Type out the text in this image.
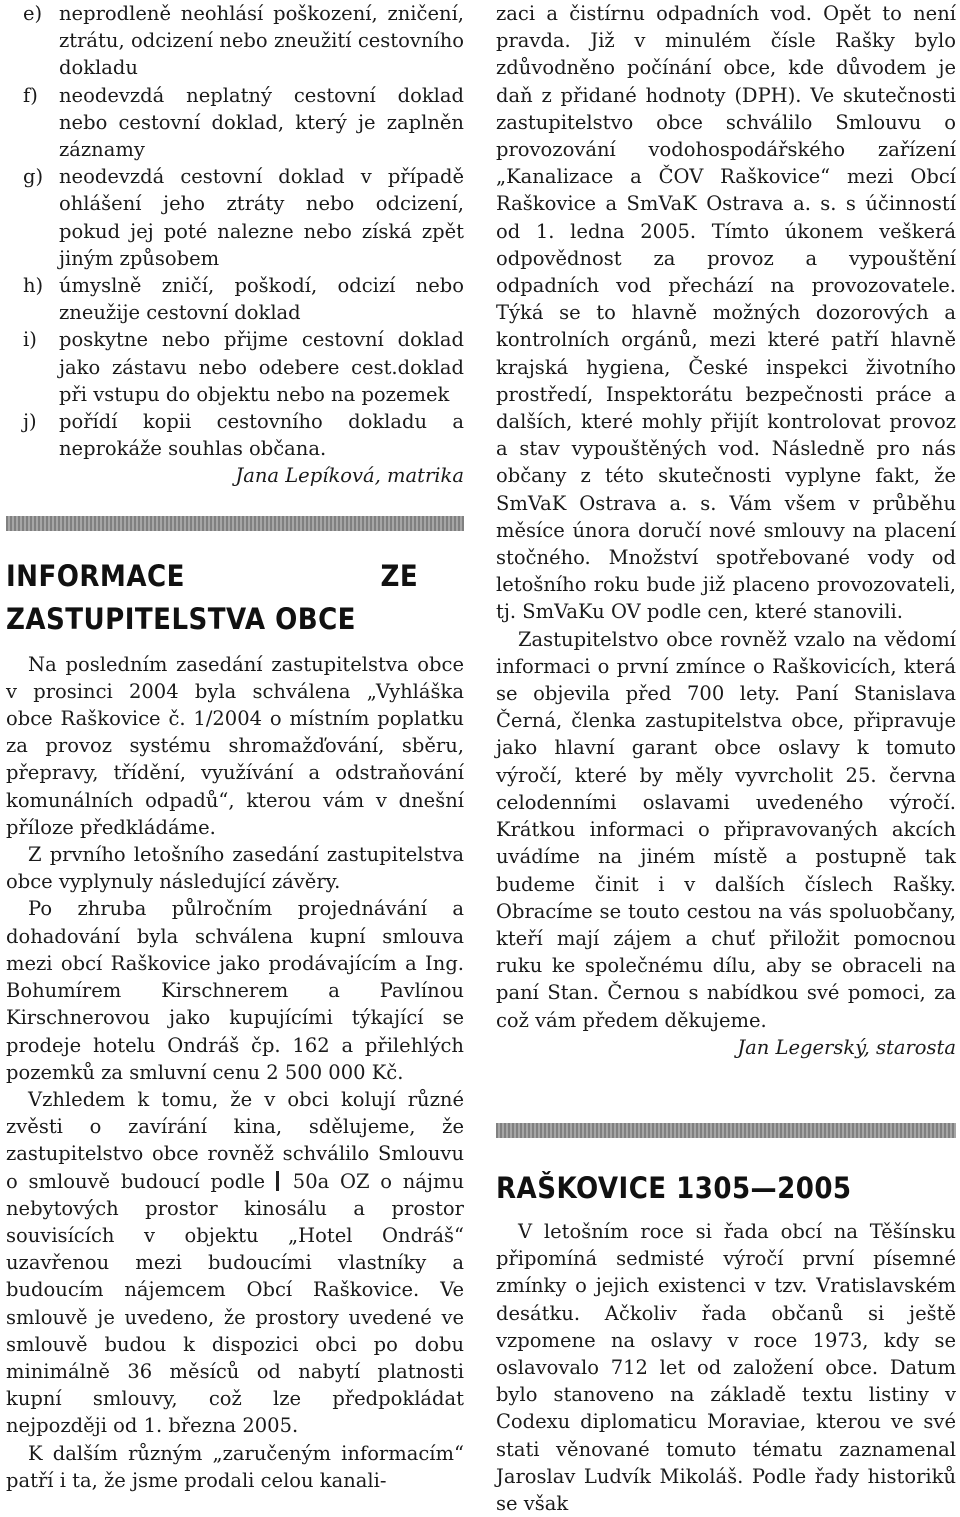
e) neprodleně neohlásí poškození, zničení, ztrátu, odcizení nebo zneužití cestovního dokladu
f) neodevzdá neplatný cestovní doklad nebo cestovní doklad, který je zaplněn záznamy
g) neodevzdá cestovní doklad v případě ohlášení jeho ztráty nebo odcizení, pokud jej poté nalezne nebo získá zpět jiným způsobem
h) úmyslně zničí, poškodí, odcizí nebo zneužije cestovní doklad
i) poskytne nebo přijme cestovní doklad jako zástavu nebo odebere cest.doklad při vstupu do objektu nebo na pozemek
j) pořídí kopii cestovního dokladu a neprokáže souhlas občana.

Jana Lepíková, matrika

INFORMACE ZE ZASTUPITELSTVA OBCE

Na posledním zasedání zastupitelstva obce v prosinci 2004 byla schválena „Vyhláška obce Raškovice č. 1/2004 o místním poplatku za provoz systému shromažďování, sběru, přepravy, třídění, využívání a odstraňování komunálních odpadů“, kterou vám v dnešní příloze předkládáme.

Z prvního letošního zasedání zastupitelstva obce vyplynuly následující závěry.

Po zhruba půlročním projednávání a dohadování byla schválena kupní smlouva mezi obcí Raškovice jako prodávajícím a Ing. Bohumírem Kirschnerem a Pavlínou Kirschnerovou jako kupujícími týkající se prodeje hotelu Ondráš čp. 162 a přilehlých pozemků za smluvní cenu 2 500 000 Kč.

Vzhledem k tomu, že v obci kolují různé zvěsti o zavírání kina, sdělujeme, že zastupitelstvo obce rovněž schválilo Smlouvu o smlouvě budoucí podle 50a OZ o nájmu nebytových prostor kinosálu a prostor souvisících v objektu „Hotel Ondráš“ uzavřenou mezi budoucími vlastníky a budoucím nájemcem Obcí Raškovice. Ve smlouvě je uvedeno, že prostory uvedené ve smlouvě budou k dispozici obci po dobu minimálně 36 měsíců od nabytí platnosti kupní smlouvy, což lze předpokládat nejpozději od 1. března 2005.

K dalším různým „zaručeným informacím“ patří i ta, že jsme prodali celou kanali-

zaci a čistírnu odpadních vod. Opět to není pravda. Již v minulém čísle Rašky bylo zdůvodněno počínání obce, kde důvodem je daň z přidané hodnoty (DPH). Ve skutečnosti zastupitelstvo obce schválilo Smlouvu o provozování vodohospodářského zařízení „Kanalizace a ČOV Raškovice“ mezi Obcí Raškovice a SmVaK Ostrava a. s. s účinností od 1. ledna 2005. Tímto úkonem veškerá odpovědnost za provoz a vypouštění odpadních vod přechází na provozovatele. Týká se to hlavně možných dozorových a kontrolních orgánů, mezi které patří hlavně krajská hygiena, České inspekci životního prostředí, Inspektorátu bezpečnosti práce a dalších, které mohly přijít kontrolovat provoz a stav vypouštěných vod. Následně pro nás občany z této skutečnosti vyplyne fakt, že SmVaK Ostrava a. s. Vám všem v průběhu měsíce února doručí nové smlouvy na placení stočného. Množství spotřebované vody od letošního roku bude již placeno provozovateli, tj. SmVaKu OV podle cen, které stanovili.

Zastupitelstvo obce rovněž vzalo na vědomí informaci o první zmínce o Raškovicích, která se objevila před 700 lety. Paní Stanislava Černá, členka zastupitelstva obce, připravuje jako hlavní garant obce oslavy k tomuto výročí, které by měly vyvrcholit 25. června celodenními oslavami uvedeného výročí. Krátkou informaci o připravovaných akcích uvádíme na jiném místě a postupně tak budeme činit i v dalších číslech Rašky. Obracíme se touto cestou na vás spoluobčany, kteří mají zájem a chuť přiložit pomocnou ruku ke společnému dílu, aby se obraceli na paní Stan. Černou s nabídkou své pomoci, za což vám předem děkujeme.

Jan Legerský, starosta

RAŠKOVICE 1305—2005

V letošním roce si řada obcí na Těšínsku připomíná sedmisté výročí první písemné zmínky o jejich existenci v tzv. Vratislavském desátku. Ačkoliv řada občanů si ještě vzpomene na oslavy v roce 1973, kdy se oslavovalo 712 let od založení obce. Datum bylo stanoveno na základě textu listiny v Codexu diplomaticu Moraviae, kterou ve své stati věnované tomuto tématu zaznamenal Jaroslav Ludvík Mikoláš. Podle řady historiků se však
